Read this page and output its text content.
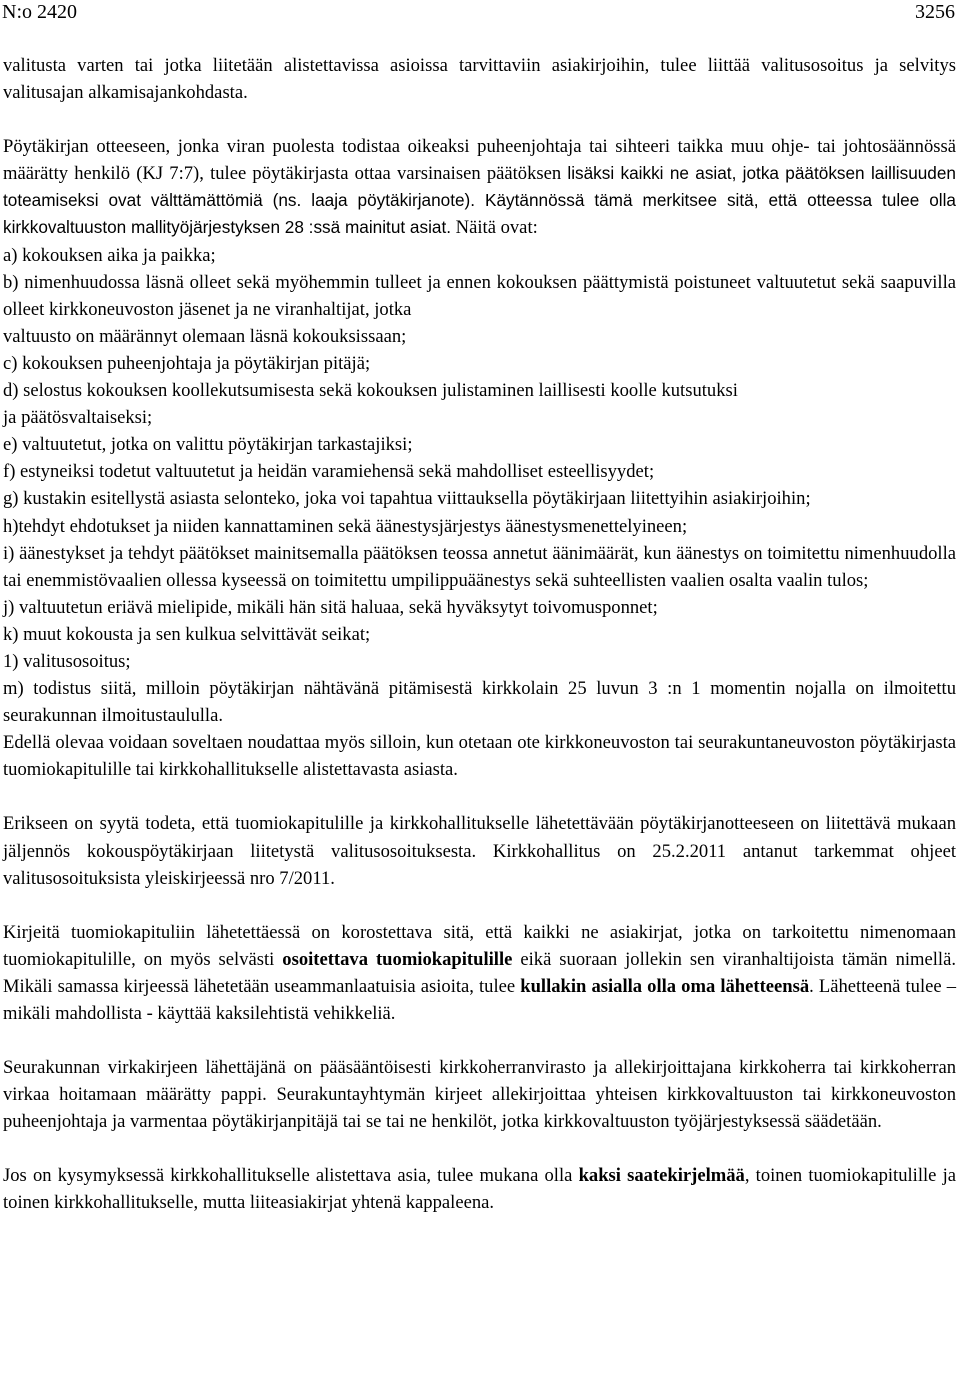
N:o 2420	3256

valitusta varten tai jotka liitetään alistettavissa asioissa tarvittaviin asiakirjoihin, tulee liittää valitusosoitus ja selvitys valitusajan alkamisajankohdasta.

Pöytäkirjan otteeseen, jonka viran puolesta todistaa oikeaksi puheenjohtaja tai sihteeri taikka muu ohje- tai johtosäännössä määrätty henkilö (KJ 7:7), tulee pöytäkirjasta ottaa varsinaisen päätöksen lisäksi kaikki ne asiat, jotka päätöksen laillisuuden toteamiseksi ovat välttämättömiä (ns. laaja pöytäkirjanote). Käytännössä tämä merkitsee sitä, että otteessa tulee olla kirkkovaltuuston mallityöjärjestyksen 28 :ssä mainitut asiat. Näitä ovat:

a) kokouksen aika ja paikka;

b) nimenhuudossa läsnä olleet sekä myöhemmin tulleet ja ennen kokouksen päättymistä poistuneet valtuutetut sekä saapuvilla olleet kirkkoneuvoston jäsenet ja ne viranhaltijat, jotka

valtuusto on määrännyt olemaan läsnä kokouksissaan;

c) kokouksen puheenjohtaja ja pöytäkirjan pitäjä;

d) selostus kokouksen koollekutsumisesta sekä kokouksen julistaminen laillisesti koolle kutsutuksi

ja päätösvaltaiseksi;

e) valtuutetut, jotka on valittu pöytäkirjan tarkastajiksi;

f) estyneiksi todetut valtuutetut ja heidän varamiehensä sekä mahdolliset esteellisyydet;

g) kustakin esitellystä asiasta selonteko, joka voi tapahtua viittauksella pöytäkirjaan liitettyihin asiakirjoihin;

h)tehdyt ehdotukset ja niiden kannattaminen sekä äänestysjärjestys äänestysmenettelyineen;

i) äänestykset ja tehdyt päätökset mainitsemalla päätöksen teossa annetut äänimäärät, kun äänestys on toimitettu nimenhuudolla tai enemmistövaalien ollessa kyseessä on toimitettu umpilippuäänestys sekä suhteellisten vaalien osalta vaalin tulos;

j) valtuutetun eriävä mielipide, mikäli hän sitä haluaa, sekä hyväksytyt toivomusponnet;

k) muut kokousta ja sen kulkua selvittävät seikat;

1) valitusosoitus;

m) todistus siitä, milloin pöytäkirjan nähtävänä pitämisestä kirkkolain 25 luvun 3 :n 1 momentin nojalla on ilmoitettu seurakunnan ilmoitustaululla.

Edellä olevaa voidaan soveltaen noudattaa myös silloin, kun otetaan ote kirkkoneuvoston tai seurakuntaneuvoston pöytäkirjasta tuomiokapitulille tai kirkkohallitukselle alistettavasta asiasta.

Erikseen on syytä todeta, että tuomiokapitulille ja kirkkohallitukselle lähetettävään pöytäkirjanotteeseen on liitettävä mukaan jäljennös kokouspöytäkirjaan liitetystä valitusosoituksesta. Kirkkohallitus on 25.2.2011 antanut tarkemmat ohjeet valitusosoituksista yleiskirjeessä nro 7/2011.

Kirjeitä tuomiokapituliin lähetettäessä on korostettava sitä, että kaikki ne asiakirjat, jotka on tarkoitettu nimenomaan tuomiokapitulille, on myös selvästi osoitettava tuomiokapitulille eikä suoraan jollekin sen viranhaltijoista tämän nimellä. Mikäli samassa kirjeessä lähetetään useammanlaatuisia asioita, tulee kullakin asialla olla oma lähetteensä. Lähetteenä tulee – mikäli mahdollista - käyttää kaksilehtistä vehikkeliä.

Seurakunnan virkakirjeen lähettäjänä on pääsääntöisesti kirkkoherranvirasto ja allekirjoittajana kirkkoherra tai kirkkoherran virkaa hoitamaan määrätty pappi. Seurakuntayhtymän kirjeet allekirjoittaa yhteisen kirkkovaltuuston tai kirkkoneuvoston puheenjohtaja ja varmentaa pöytäkirjanpitäjä tai se tai ne henkilöt, jotka kirkkovaltuuston työjärjestyksessä säädetään.

Jos on kysymyksessä kirkkohallitukselle alistettava asia, tulee mukana olla kaksi saatekirjelmää, toinen tuomiokapitulille ja toinen kirkkohallitukselle, mutta liiteasiakirjat yhtenä kappaleena.
